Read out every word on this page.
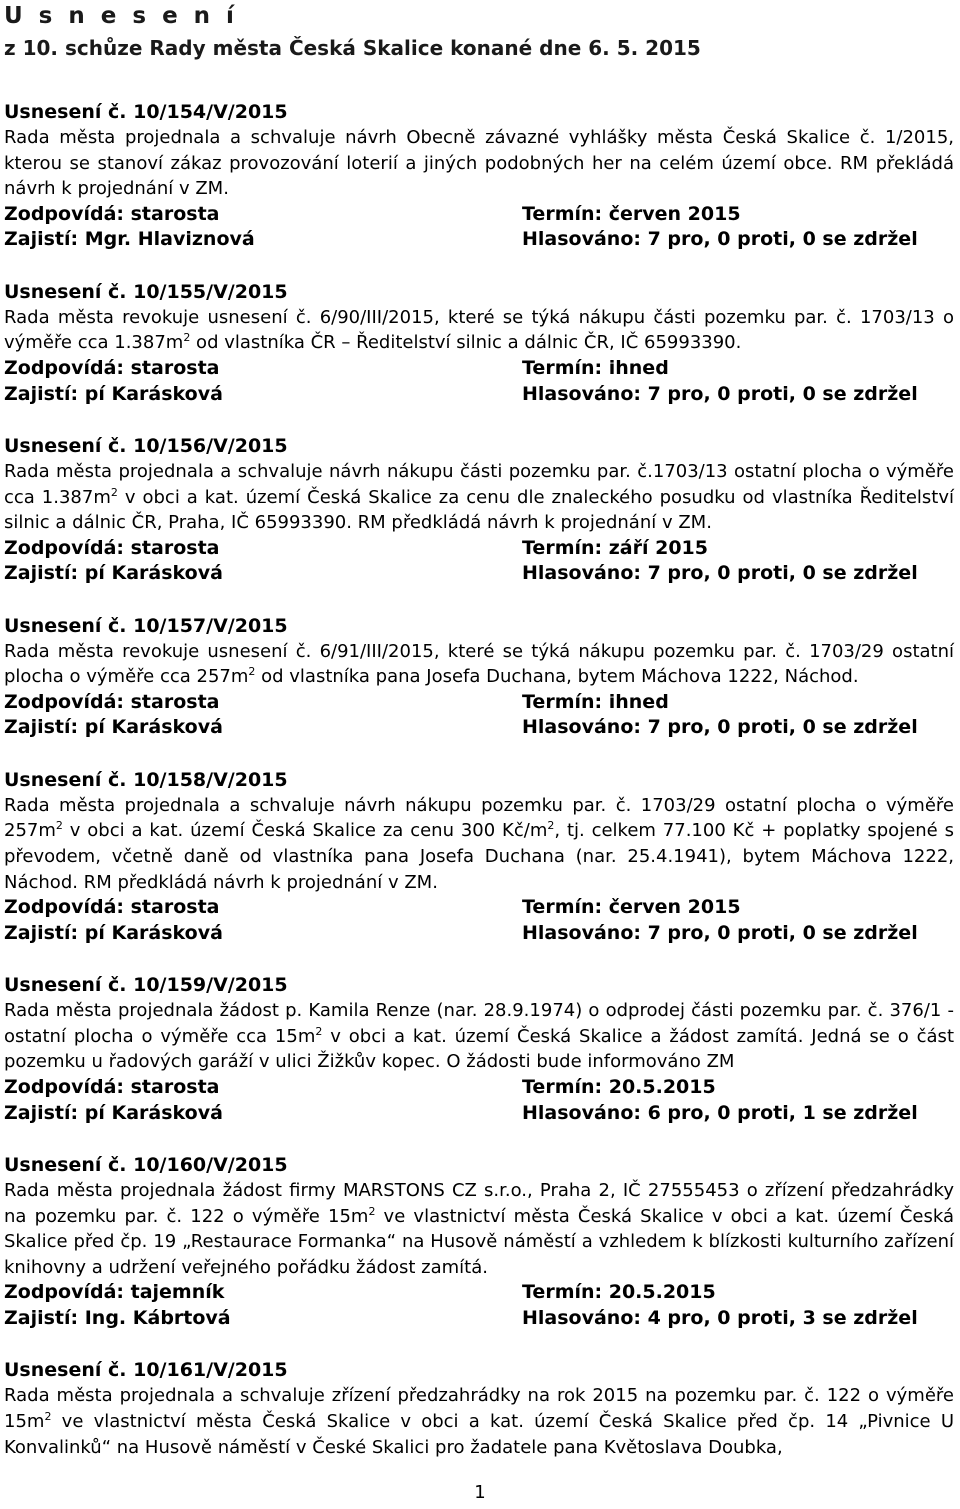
U s n e s e n í
z 10. schůze Rady města Česká Skalice konané dne 6. 5. 2015
Usnesení č. 10/154/V/2015
Rada města projednala a schvaluje návrh Obecně závazné vyhlášky města Česká Skalice č. 1/2015, kterou se stanoví zákaz provozování loterií a jiných podobných her na celém území obce. RM překládá návrh k projednání v ZM.
Zodpovídá: starosta	Termín: červen 2015
Zajistí: Mgr. Hlaviznová	Hlasováno: 7 pro, 0 proti, 0 se zdržel
Usnesení č. 10/155/V/2015
Rada města revokuje usnesení č. 6/90/III/2015, které se týká nákupu části pozemku par. č. 1703/13 o výměře cca $1.387m^2$ od vlastníka ČR – Ředitelství silnic a dálnic ČR, IČ 65993390.
Zodpovídá: starosta	Termín: ihned
Zajistí: pí Karásková	Hlasováno: 7 pro, 0 proti, 0 se zdržel
Usnesení č. 10/156/V/2015
Rada města projednala a schvaluje návrh nákupu části pozemku par. č.1703/13 ostatní plocha o výměře cca $1.387m^2$ v obci a kat. území Česká Skalice za cenu dle znaleckého posudku od vlastníka Ředitelství silnic a dálnic ČR, Praha, IČ 65993390. RM předkládá návrh k projednání v ZM.
Zodpovídá: starosta	Termín: září 2015
Zajistí: pí Karásková	Hlasováno: 7 pro, 0 proti, 0 se zdržel
Usnesení č. 10/157/V/2015
Rada města revokuje usnesení č. 6/91/III/2015, které se týká nákupu pozemku par. č. 1703/29 ostatní plocha o výměře cca $257m^2$ od vlastníka pana Josefa Duchana, bytem Máchova 1222, Náchod.
Zodpovídá: starosta	Termín: ihned
Zajistí: pí Karásková	Hlasováno: 7 pro, 0 proti, 0 se zdržel
Usnesení č. 10/158/V/2015
Rada města projednala a schvaluje návrh nákupu pozemku par. č. 1703/29 ostatní plocha o výměře $257m^2$ v obci a kat. území Česká Skalice za cenu 300 $Kč/m^2$, tj. celkem 77.100 Kč + poplatky spojené s převodem, včetně daně od vlastníka pana Josefa Duchana (nar. 25.4.1941), bytem Máchova 1222, Náchod. RM předkládá návrh k projednání v ZM.
Zodpovídá: starosta	Termín: červen 2015
Zajistí: pí Karásková	Hlasováno: 7 pro, 0 proti, 0 se zdržel
Usnesení č. 10/159/V/2015
Rada města projednala žádost p. Kamila Renze (nar. 28.9.1974) o odprodej části pozemku par. č. 376/1 - ostatní plocha o výměře cca $15m^2$ v obci a kat. území Česká Skalice a žádost zamítá. Jedná se o část pozemku u řadových garáží v ulici Žižkův kopec. O žádosti bude informováno ZM
Zodpovídá: starosta	Termín: 20.5.2015
Zajistí: pí Karásková	Hlasováno: 6 pro, 0 proti, 1 se zdržel
Usnesení č. 10/160/V/2015
Rada města projednala žádost firmy MARSTONS CZ s.r.o., Praha 2, IČ 27555453 o zřízení předzahrádky na pozemku par. č. 122 o výměře $15m^2$ ve vlastnictví města Česká Skalice v obci a kat. území Česká Skalice před čp. 19 „Restaurace Formanka“ na Husově náměstí a vzhledem k blízkosti kulturního zařízení knihovny a udržení veřejného pořádku žádost zamítá.
Zodpovídá: tajemník	Termín: 20.5.2015
Zajistí: Ing. Kábrtová	Hlasováno: 4 pro, 0 proti, 3 se zdržel
Usnesení č. 10/161/V/2015
Rada města projednala a schvaluje zřízení předzahrádky na rok 2015 na pozemku par. č. 122 o výměře $15m^2$ ve vlastnictví města Česká Skalice v obci a kat. území Česká Skalice před čp. 14 „Pivnice U Konvalinků“ na Husově náměstí v České Skalici pro žadatele pana Květoslava Doubka,
1
